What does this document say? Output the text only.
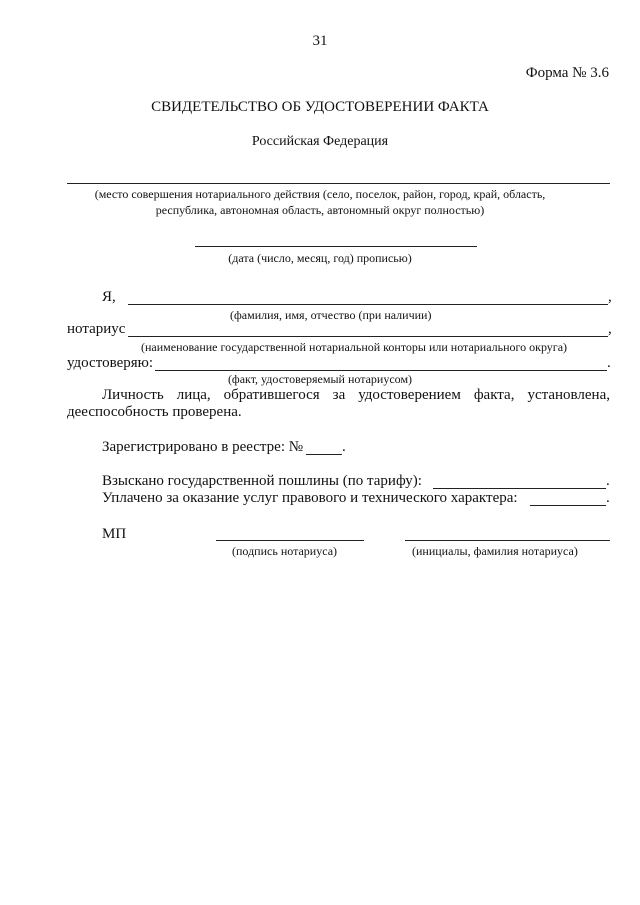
31
Форма № 3.6
СВИДЕТЕЛЬСТВО ОБ УДОСТОВЕРЕНИИ ФАКТА
Российская Федерация
(место совершения нотариального действия (село, поселок, район, город, край, область,
республика, автономная область, автономный округ полностью)
(дата (число, месяц, год) прописью)
Я,	,
(фамилия, имя, отчество (при наличии)
нотариус	,
(наименование государственной нотариальной конторы или нотариального округа)
удостоверяю:	.
(факт, удостоверяемый нотариусом)
Личность лица, обратившегося за удостоверением факта, установлена,
дееспособность проверена.
Зарегистрировано в реестре: №	.
Взыскано государственной пошлины (по тарифу):	.
Уплачено за оказание услуг правового и технического характера:	.
МП
(подпись нотариуса)	(инициалы, фамилия нотариуса)
